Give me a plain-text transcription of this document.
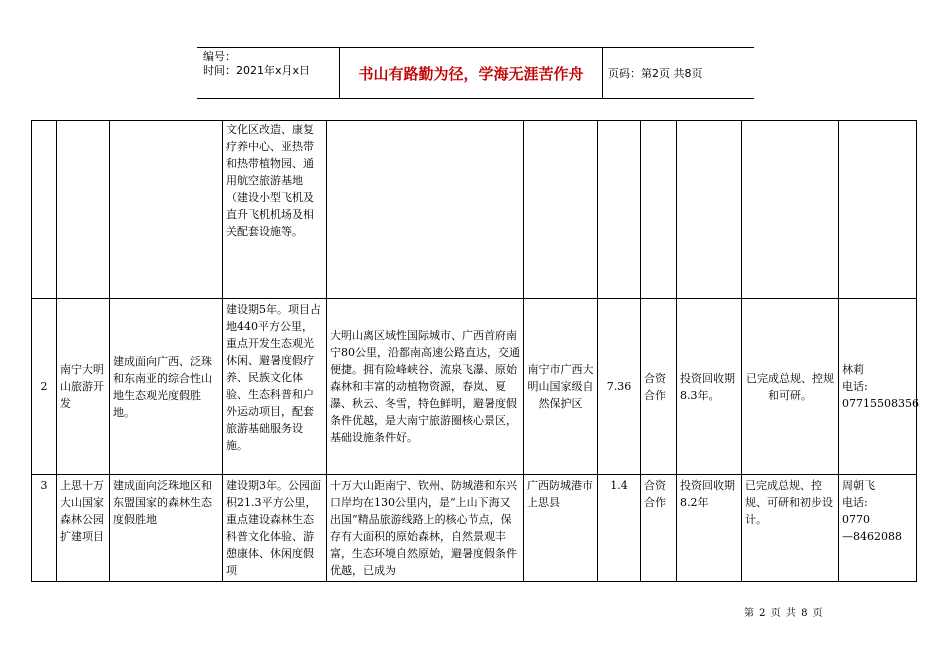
编号：
时间：2021年x月x日	书山有路勤为径，学海无涯苦作舟	页码：第2页 共8页
			文化区改造、康复疗养中心、亚热带和热带植物园、通用航空旅游基地（建设小型飞机及直升飞机机场及相关配套设施等。							
2	南宁大明山旅游开发	建成面向广西、泛珠和东南亚的综合性山地生态观光度假胜地。	建设期5年。项目占地440平方公里，重点开发生态观光休闲、避暑度假疗养、民族文化体验、生态科普和户外运动项目，配套旅游基础服务设施。	大明山离区域性国际城市、广西首府南宁80公里，沿都南高速公路直达，交通便捷。拥有险峰峡谷、流泉飞瀑、原始森林和丰富的动植物资源，春岚、夏瀑、秋云、冬雪，特色鲜明，避暑度假条件优越，是大南宁旅游圈核心景区，基础设施条件好。	南宁市广西大明山国家级自然保护区	7.36	合资合作	投资回收期 8.3年。	已完成总规、控规和可研。	林莉
电话:
07715508356

3	上思十万大山国家森林公园扩建项目	建成面向泛珠地区和东盟国家的森林生态度假胜地	建设期3年。公园面积21.3平方公里，重点建设森林生态科普文化体验、游憩康体、休闲度假项	十万大山距南宁、钦州、防城港和东兴口岸均在130公里内，是“上山下海又出国”精品旅游线路上的核心节点，保存有大面积的原始森林，自然景观丰富，生态环境自然原始，避暑度假条件优越，已成为	广西防城港市上思县	1.4	合资合作	投资回收期8.2年	已完成总规、控规、可研和初步设计。	周朝飞
电话:
0770　　　　—8462088
第 2 页 共 8 页
